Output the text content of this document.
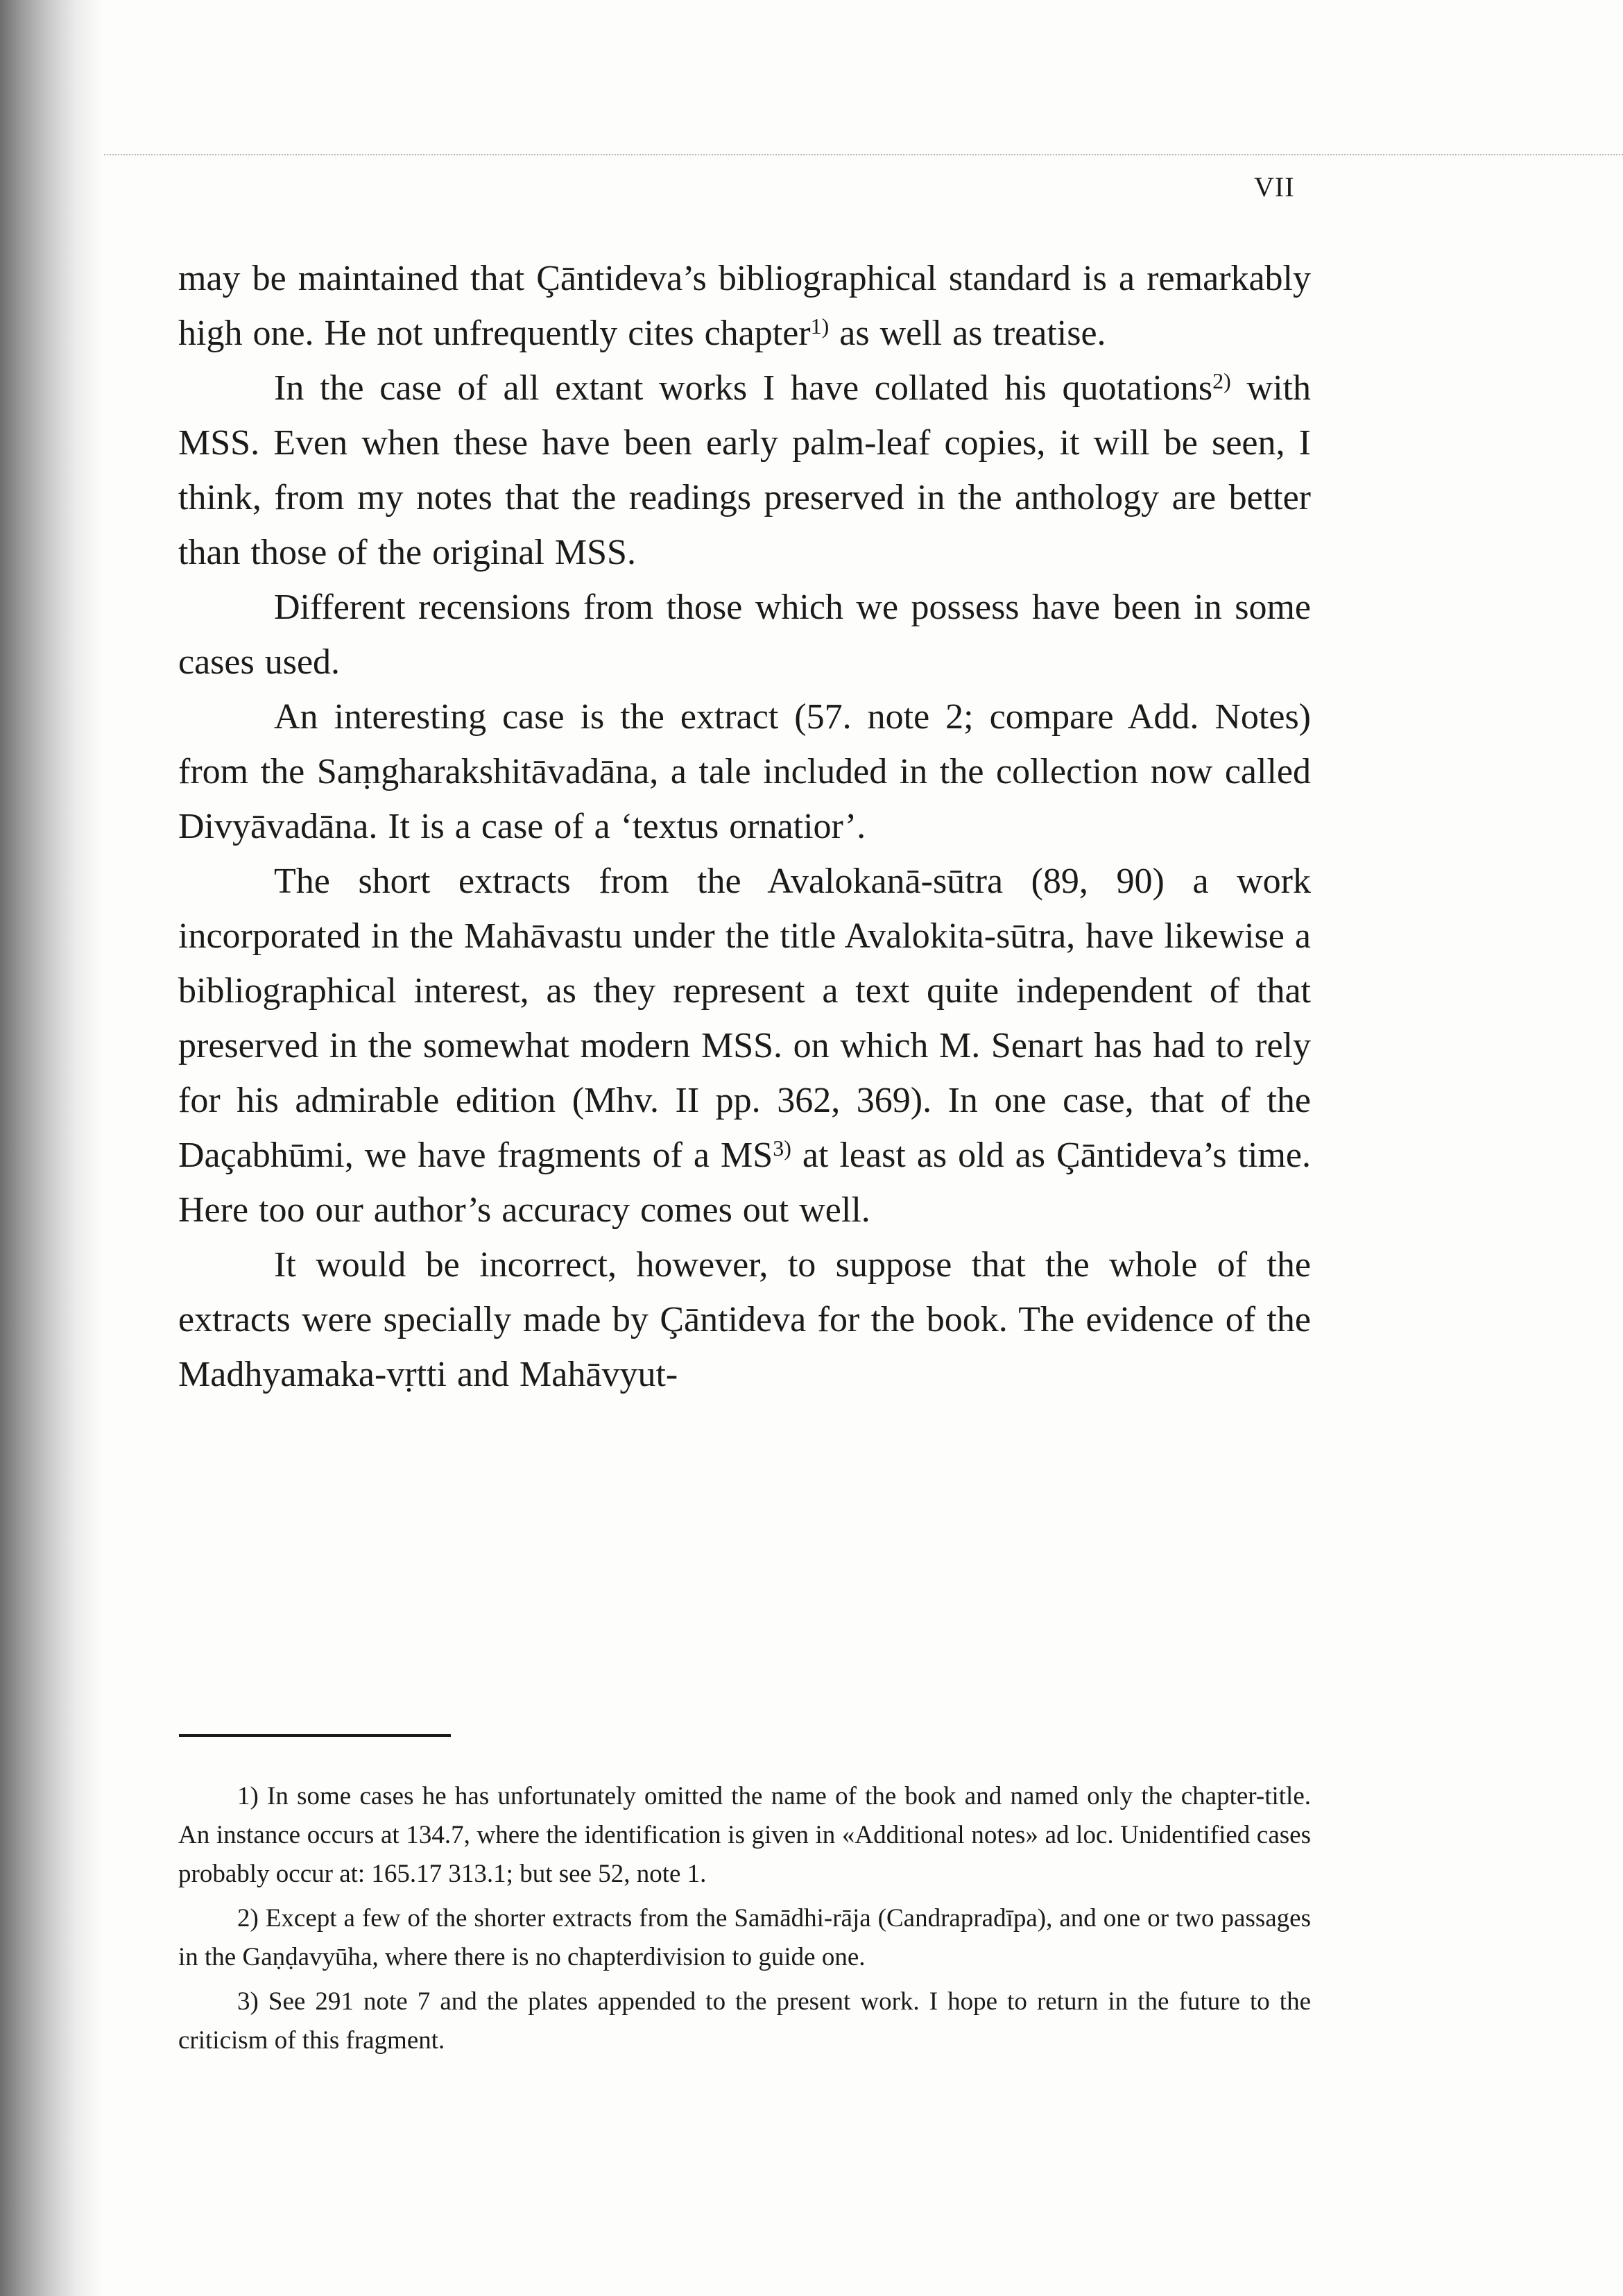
VII

may be maintained that Çāntideva’s bibliographical standard is a remarkably high one. He not unfrequently cites chapter$^{1)}$ as well as treatise.

In the case of all extant works I have collated his quotations$^{2)}$ with MSS. Even when these have been early palm-leaf copies, it will be seen, I think, from my notes that the readings preserved in the anthology are better than those of the original MSS.

Different recensions from those which we possess have been in some cases used.

An interesting case is the extract (57. note 2; compare Add. Notes) from the Saṃgharakshitāvadāna, a tale included in the collection now called Divyāvadāna. It is a case of a ‘textus ornatior’.

The short extracts from the Avalokanā-sūtra (89, 90) a work incorporated in the Mahāvastu under the title Avalokita-sūtra, have likewise a bibliographical interest, as they represent a text quite independent of that preserved in the somewhat modern MSS. on which M. Senart has had to rely for his admirable edition (Mhv. II pp. 362, 369). In one case, that of the Daçabhūmi, we have fragments of a MS$^{3)}$ at least as old as Çāntideva’s time. Here too our author’s accuracy comes out well.

It would be incorrect, however, to suppose that the whole of the extracts were specially made by Çāntideva for the book. The evidence of the Madhyamaka-vṛtti and Mahāvyut-

1) In some cases he has unfortunately omitted the name of the book and named only the chapter-title. An instance occurs at 134.7, where the identification is given in «Additional notes» ad loc. Unidentified cases probably occur at: 165.17 313.1; but see 52, note 1.

2) Except a few of the shorter extracts from the Samādhi-rāja (Candrapradīpa), and one or two passages in the Gaṇḍavyūha, where there is no chapterdivision to guide one.

3) See 291 note 7 and the plates appended to the present work. I hope to return in the future to the criticism of this fragment.
